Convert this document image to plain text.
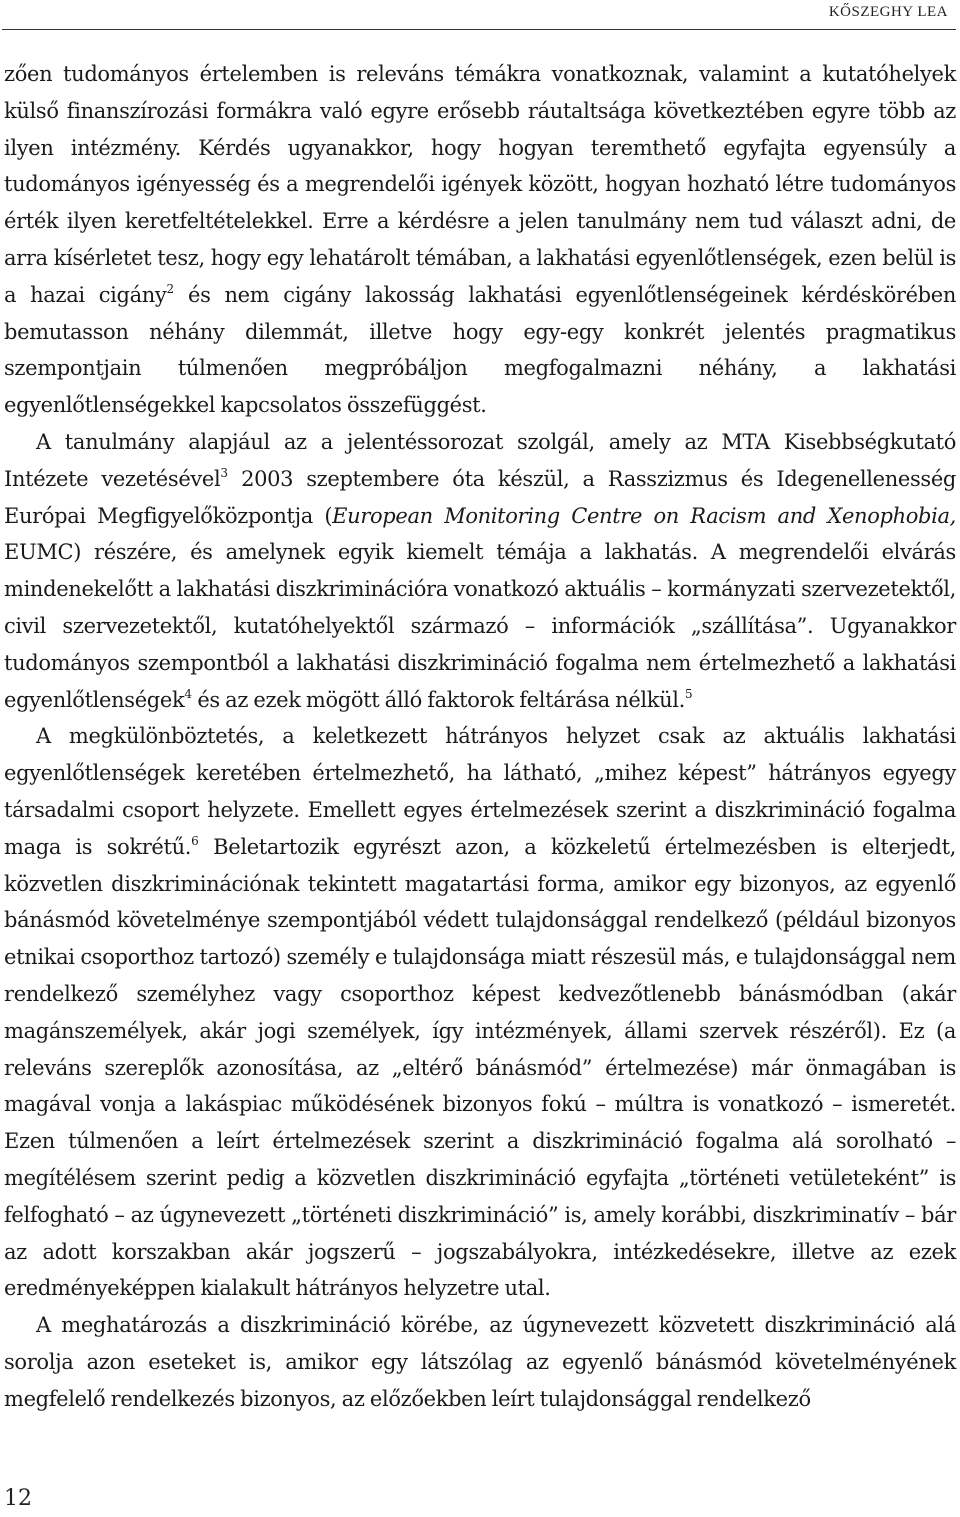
KŐSZEGHY LEA

zően tudományos értelemben is releváns témákra vonatkoznak, valamint a kutatóhelyek külső finanszírozási formákra való egyre erősebb ráutaltsága következtében egyre több az ilyen intézmény. Kérdés ugyanakkor, hogy hogyan teremthető egyfajta egyensúly a tudományos igényesség és a megrendelői igények között, hogyan hozható létre tudományos érték ilyen keretfeltételekkel. Erre a kérdésre a jelen tanulmány nem tud választ adni, de arra kísérletet tesz, hogy egy lehatárolt témában, a lakhatási egyenlőtlenségek, ezen belül is a hazai cigány$^2$ és nem cigány lakosság lakhatási egyenlőtlenségeinek kérdéskörében bemutasson néhány dilemmát, illetve hogy egy-egy konkrét jelentés pragmatikus szempontjain túlmenően megpróbáljon megfogalmazni néhány, a lakhatási egyenlőtlenségekkel kapcsolatos összefüggést.

A tanulmány alapjául az a jelentéssorozat szolgál, amely az MTA Kisebbségkutató Intézete vezetésével$^3$ 2003 szeptembere óta készül, a Rasszizmus és Idegenellenesség Európai Megfigyelőközpontja (European Monitoring Centre on Racism and Xenophobia, EUMC) részére, és amelynek egyik kiemelt témája a lakhatás. A megrendelői elvárás mindenekelőtt a lakhatási diszkriminációra vonatkozó aktuális – kormányzati szervezetektől, civil szervezetektől, kutatóhelyektől származó – információk „szállítása”. Ugyanakkor tudományos szempontból a lakhatási diszkrimináció fogalma nem értelmezhető a lakhatási egyenlőtlenségek$^4$ és az ezek mögött álló faktorok feltárása nélkül.$^5$

A megkülönböztetés, a keletkezett hátrányos helyzet csak az aktuális lakhatási egyenlőtlenségek keretében értelmezhető, ha látható, „mihez képest” hátrányos egyegy társadalmi csoport helyzete. Emellett egyes értelmezések szerint a diszkrimináció fogalma maga is sokrétű.$^6$ Beletartozik egyrészt azon, a közkeletű értelmezésben is elterjedt, közvetlen diszkriminációnak tekintett magatartási forma, amikor egy bizonyos, az egyenlő bánásmód követelménye szempontjából védett tulajdonsággal rendelkező (például bizonyos etnikai csoporthoz tartozó) személy e tulajdonsága miatt részesül más, e tulajdonsággal nem rendelkező személyhez vagy csoporthoz képest kedvezőtlenebb bánásmódban (akár magánszemélyek, akár jogi személyek, így intézmények, állami szervek részéről). Ez (a releváns szereplők azonosítása, az „eltérő bánásmód” értelmezése) már önmagában is magával vonja a lakáspiac működésének bizonyos fokú – múltra is vonatkozó – ismeretét. Ezen túlmenően a leírt értelmezések szerint a diszkrimináció fogalma alá sorolható – megítélésem szerint pedig a közvetlen diszkrimináció egyfajta „történeti vetületeként” is felfogható – az úgynevezett „történeti diszkrimináció” is, amely korábbi, diszkriminatív – bár az adott korszakban akár jogszerű – jogszabályokra, intézkedésekre, illetve az ezek eredményeképpen kialakult hátrányos helyzetre utal.

A meghatározás a diszkrimináció körébe, az úgynevezett közvetett diszkrimináció alá sorolja azon eseteket is, amikor egy látszólag az egyenlő bánásmód követelményének megfelelő rendelkezés bizonyos, az előzőekben leírt tulajdonsággal rendelkező

12
